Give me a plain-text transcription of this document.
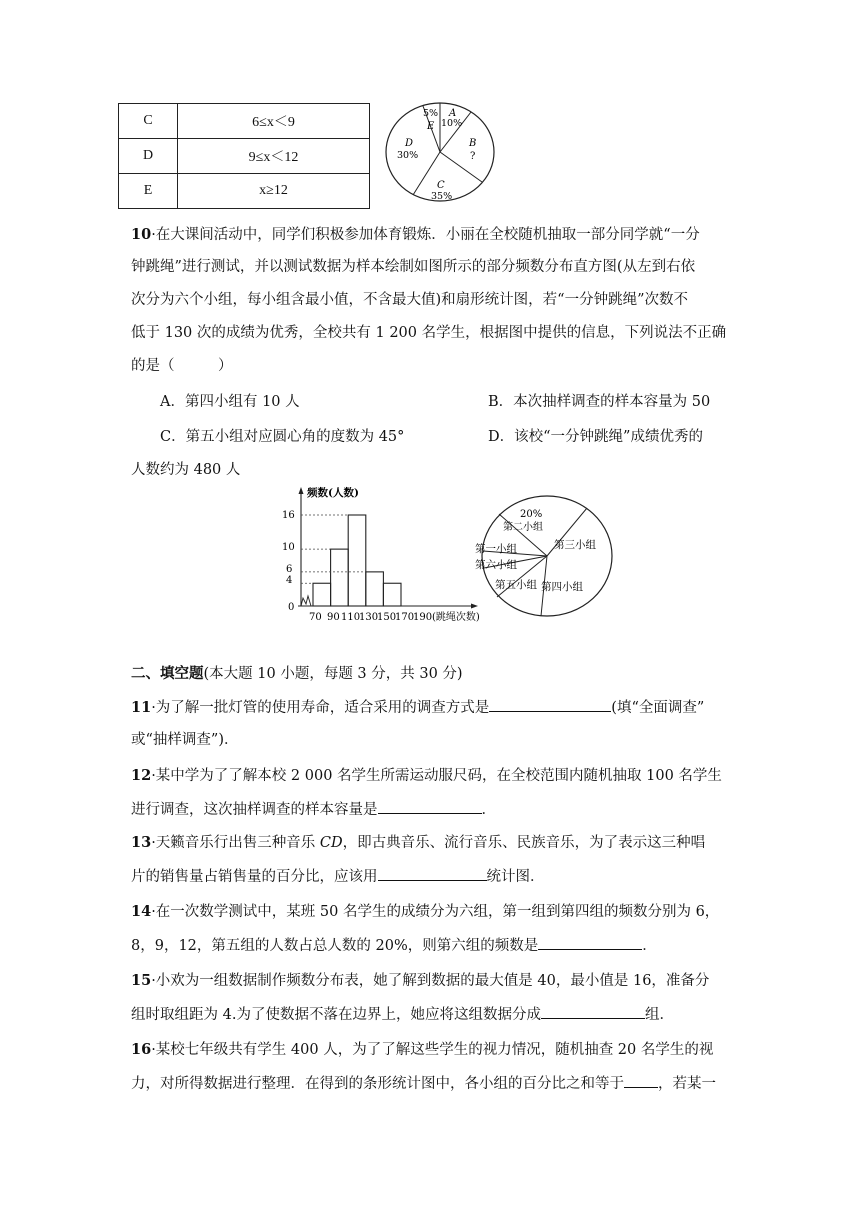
C	6≤x＜9
D	9≤x＜12
E	x≥12
5%
E
A
10%
B
?
C
35%
D
30%
10·在大课间活动中，同学们积极参加体育锻炼．小丽在全校随机抽取一部分同学就“一分
钟跳绳”进行测试，并以测试数据为样本绘制如图所示的部分频数分布直方图(从左到右依
次分为六个小组，每小组含最小值，不含最大值)和扇形统计图，若“一分钟跳绳”次数不
低于 130 次的成绩为优秀，全校共有 1 200 名学生，根据图中提供的信息，下列说法不正确
的是（　　　）
A．第四小组有 10 人	B．本次抽样调查的样本容量为 50
C．第五小组对应圆心角的度数为 45°	D．该校“一分钟跳绳”成绩优秀的
人数约为 480 人
频数(人数)
16
10
6
4
0
70 90 110
130
150
170
190 (跳绳次数)
20%
第二小组
第三小组
第一小组
第六小组
第五小组 第四小组
二、填空题(本大题 10 小题，每题 3 分，共 30 分)
11·为了解一批灯管的使用寿命，适合采用的调查方式是	(填“全面调查”
或“抽样调查”)．
12·某中学为了了解本校 2 000 名学生所需运动服尺码，在全校范围内随机抽取 100 名学生
进行调查，这次抽样调查的样本容量是	．
13·天籁音乐行出售三种音乐 CD，即古典音乐、流行音乐、民族音乐，为了表示这三种唱
片的销售量占销售量的百分比，应该用	统计图．
14·在一次数学测试中，某班 50 名学生的成绩分为六组，第一组到第四组的频数分别为 6，
8，9，12，第五组的人数占总人数的 20%，则第六组的频数是	．
15·小欢为一组数据制作频数分布表，她了解到数据的最大值是 40，最小值是 16，准备分
组时取组距为 4.为了使数据不落在边界上，她应将这组数据分成	组．
16·某校七年级共有学生 400 人，为了了解这些学生的视力情况，随机抽查 20 名学生的视
力，对所得数据进行整理．在得到的条形统计图中，各小组的百分比之和等于 ，若某一
